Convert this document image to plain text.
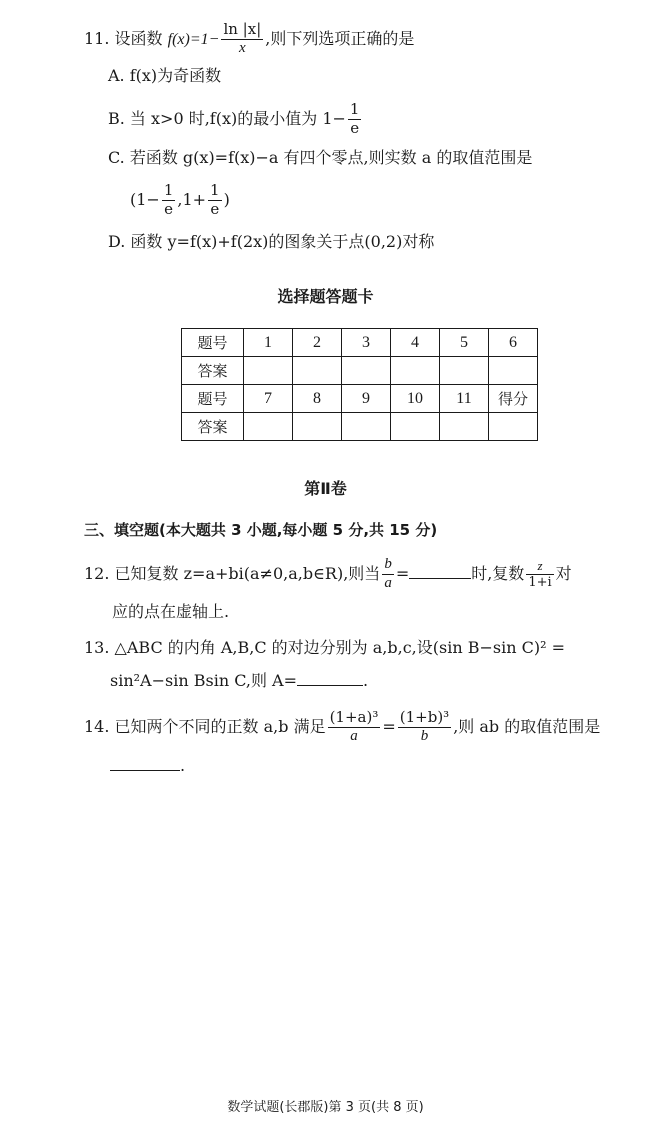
11. 设函数 $f(x)=1- \frac{\ln |x|}{x}$ ,则下列选项正确的是
A. f(x)为奇函数
B. 当 x>0 时,f(x)的最小值为 $1- \frac{1}{e}$
C. 若函数 g(x)=f(x)−a 有四个零点,则实数 a 的取值范围是
($1- \frac{1}{e} ,1+ \frac{1}{e}$ )
D. 函数 y=f(x)+f(2x)的图象关于点(0,2)对称
选择题答题卡
题号	1	2	3	4	5	6
答案						
题号	7	8	9	10	11	得分
答案						
第Ⅱ卷
三、填空题(本大题共 3 小题,每小题 5 分,共 15 分)
12. 已知复数 z=a+bi(a≠0,a,b∈R),则当 $\frac{b}{a}$ =	时,复数 $\frac{z}{1+i}$ 对
应的点在虚轴上.
13. △ABC 的内角 A,B,C 的对边分别为 a,b,c,设(sin B−sin C)² =
sin²A−sin Bsin C,则 A=	.
14. 已知两个不同的正数 a,b 满足 $\frac{\text{(1+a)³}}{a} = \frac{\text{(1+b)³}}{b}$ ,则 ab 的取值范围是
.
数学试题(长郡版)第 3 页(共 8 页)
